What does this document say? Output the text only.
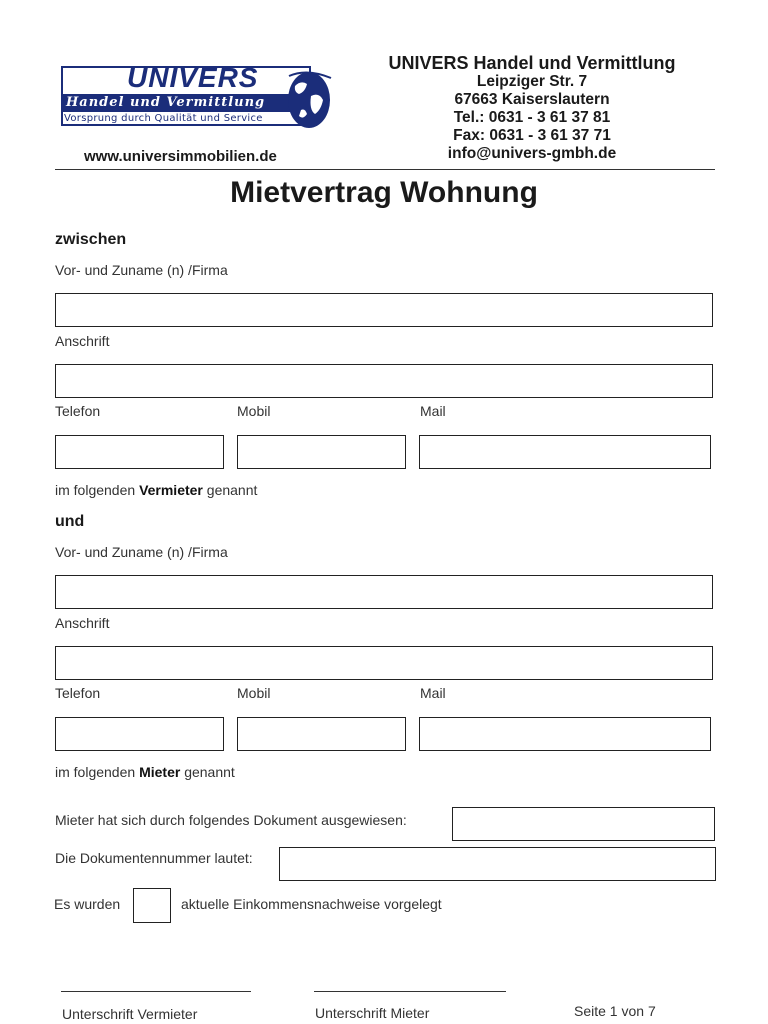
UNIVERS
Handel und Vermittlung
Vorsprung durch Qualität und Service
www.universimmobilien.de
UNIVERS Handel und Vermittlung
Leipziger Str. 7
67663 Kaiserslautern
Tel.: 0631 - 3 61 37 81
Fax: 0631 - 3 61 37 71
info@univers-gmbh.de
Mietvertrag Wohnung
zwischen
Vor- und Zuname (n) /Firma
Anschrift
Telefon	Mobil	Mail
im folgenden Vermieter genannt
und
Vor- und Zuname (n) /Firma
Anschrift
Telefon	Mobil	Mail
im folgenden Mieter genannt
Mieter hat sich durch folgendes Dokument ausgewiesen:
Die Dokumentennummer lautet:
Es wurden	aktuelle Einkommensnachweise vorgelegt
Unterschrift Vermieter	Unterschrift Mieter	Seite 1 von 7
